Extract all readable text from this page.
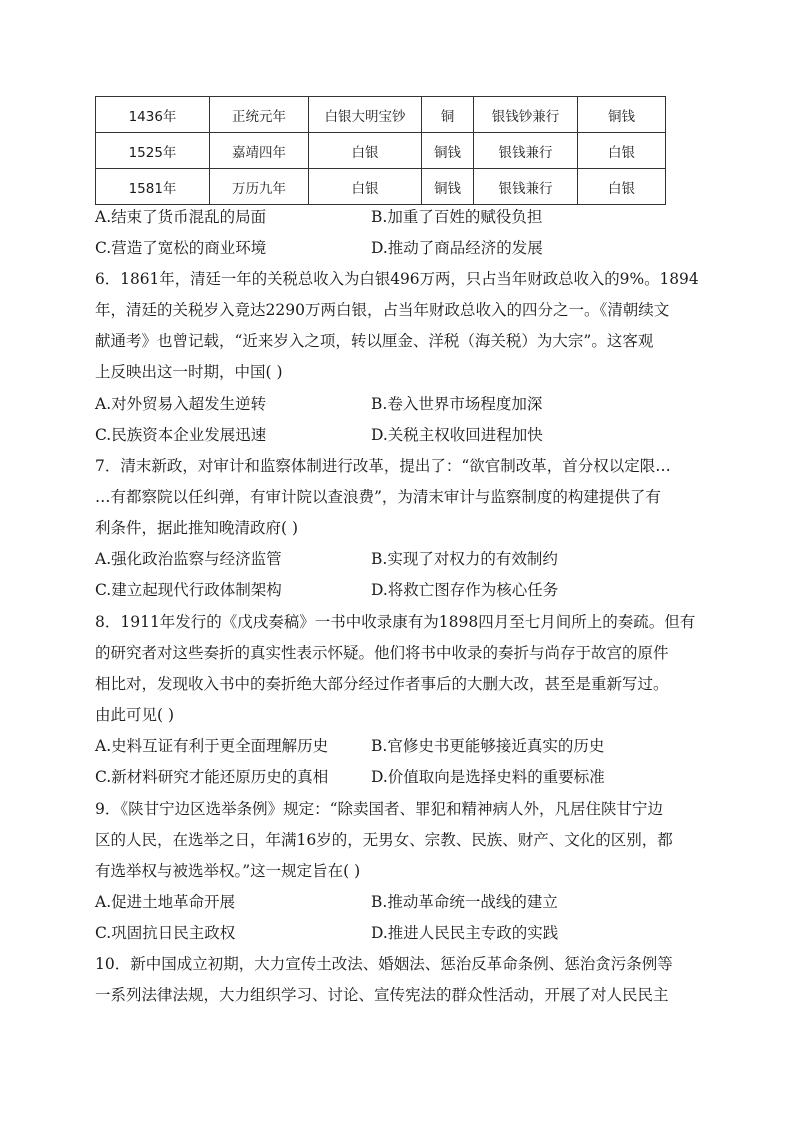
1436年	正统元年	白银大明宝钞	铜	银钱钞兼行	铜钱
1525年	嘉靖四年	白银	铜钱	银钱兼行	白银
1581年	万历九年	白银	铜钱	银钱兼行	白银
A.结束了货币混乱的局面	B.加重了百姓的赋役负担
C.营造了宽松的商业环境	D.推动了商品经济的发展
6．1861年，清廷一年的关税总收入为白银496万两，只占当年财政总收入的9%。1894
年，清廷的关税岁入竟达2290万两白银，占当年财政总收入的四分之一。《清朝续文
献通考》也曾记载，“近来岁入之项，转以厘金、洋税（海关税）为大宗”。这客观
上反映出这一时期，中国( )
A.对外贸易入超发生逆转	B.卷入世界市场程度加深
C.民族资本企业发展迅速	D.关税主权收回进程加快
7．清末新政，对审计和监察体制进行改革，提出了：“欲官制改革，首分权以定限…
…有都察院以任纠弹，有审计院以查浪费”，为清末审计与监察制度的构建提供了有
利条件，据此推知晚清政府( )
A.强化政治监察与经济监管	B.实现了对权力的有效制约
C.建立起现代行政体制架构	D.将救亡图存作为核心任务
8．1911年发行的《戊戌奏稿》一书中收录康有为1898四月至七月间所上的奏疏。但有
的研究者对这些奏折的真实性表示怀疑。他们将书中收录的奏折与尚存于故宫的原件
相比对，发现收入书中的奏折绝大部分经过作者事后的大删大改，甚至是重新写过。
由此可见( )
A.史料互证有利于更全面理解历史	B.官修史书更能够接近真实的历史
C.新材料研究才能还原历史的真相	D.价值取向是选择史料的重要标准
9．《陕甘宁边区选举条例》规定：“除卖国者、罪犯和精神病人外，凡居住陕甘宁边
区的人民，在选举之日，年满16岁的，无男女、宗教、民族、财产、文化的区别，都
有选举权与被选举权。”这一规定旨在( )
A.促进土地革命开展	B.推动革命统一战线的建立
C.巩固抗日民主政权	D.推进人民民主专政的实践
10．新中国成立初期，大力宣传土改法、婚姻法、惩治反革命条例、惩治贪污条例等
一系列法律法规，大力组织学习、讨论、宣传宪法的群众性活动，开展了对人民民主
